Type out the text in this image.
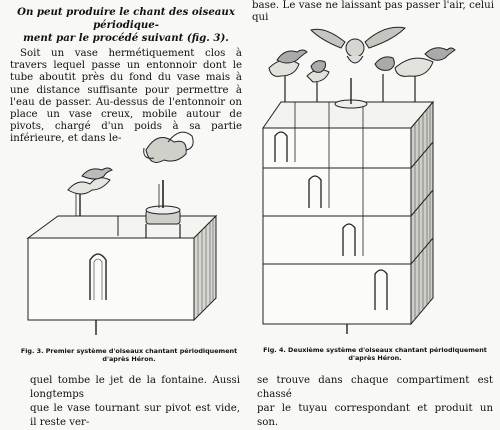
On peut produire le chant des oiseaux périodique-
ment par le procédé suivant (fig. 3).

Soit un vase hermétiquement clos à travers lequel passe un entonnoir dont le tube aboutit près du fond du vase mais à une distance suffisante pour permettre à l'eau de passer. Au-dessus de l'entonnoir on place un vase creux, mobile autour de pivots, chargé d'un poids à sa partie inférieure, et dans le-

base. Le vase ne laissant pas passer l'air, celui qui

Fig. 3. Premier système d'oiseaux chantant périodiquement d'après Héron.

Fig. 4. Deuxième système d'oiseaux chantant périodiquement d'après Héron.

quel tombe le jet de la fontaine. Aussi longtemps
que le vase tournant sur pivot est vide, il reste ver-
se trouve dans chaque compartiment est chassé
par le tuyau correspondant et produit un son.
